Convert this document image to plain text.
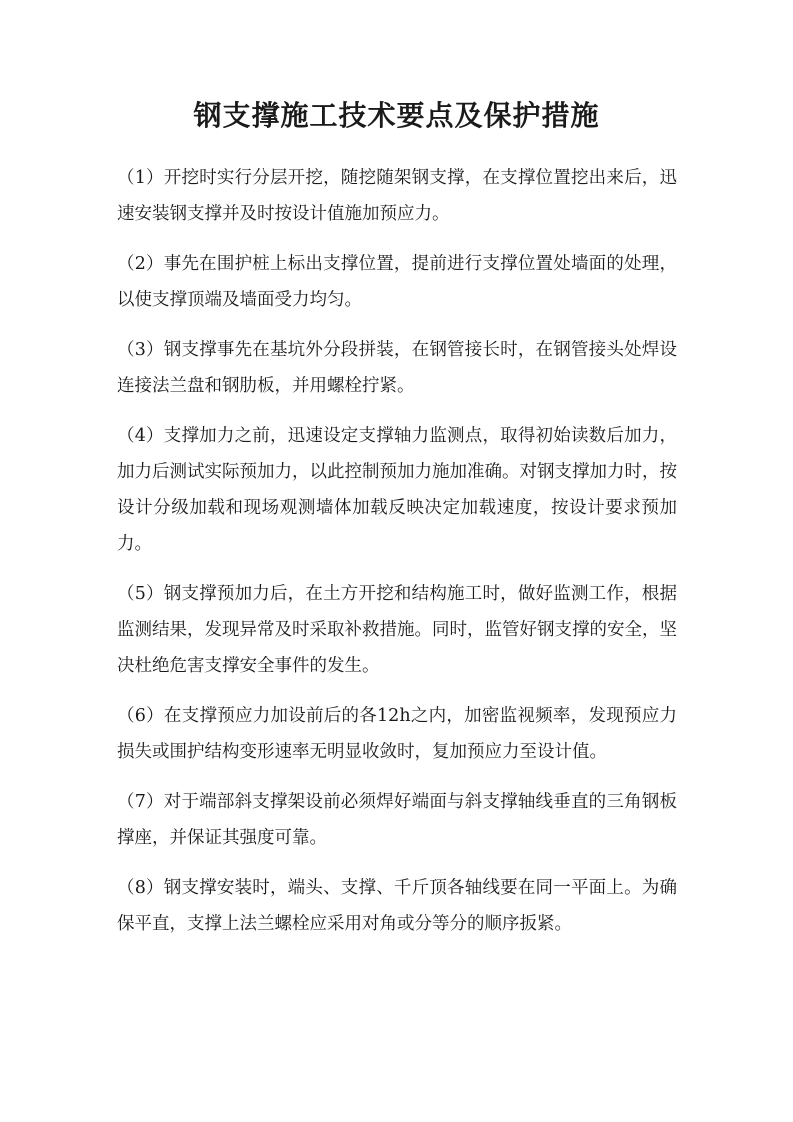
钢支撑施工技术要点及保护措施

（1）开挖时实行分层开挖，随挖随架钢支撑，在支撑位置挖出来后，迅速安装钢支撑并及时按设计值施加预应力。

（2）事先在围护桩上标出支撑位置，提前进行支撑位置处墙面的处理，以使支撑顶端及墙面受力均匀。

（3）钢支撑事先在基坑外分段拼装，在钢管接长时，在钢管接头处焊设连接法兰盘和钢肋板，并用螺栓拧紧。

（4）支撑加力之前，迅速设定支撑轴力监测点，取得初始读数后加力，加力后测试实际预加力，以此控制预加力施加准确。对钢支撑加力时，按设计分级加载和现场观测墙体加载反映决定加载速度，按设计要求预加力。

（5）钢支撑预加力后，在土方开挖和结构施工时，做好监测工作，根据监测结果，发现异常及时采取补救措施。同时，监管好钢支撑的安全，坚决杜绝危害支撑安全事件的发生。

（6）在支撑预应力加设前后的各12h之内，加密监视频率，发现预应力损失或围护结构变形速率无明显收敛时，复加预应力至设计值。

（7）对于端部斜支撑架设前必须焊好端面与斜支撑轴线垂直的三角钢板撑座，并保证其强度可靠。

（8）钢支撑安装时，端头、支撑、千斤顶各轴线要在同一平面上。为确保平直，支撑上法兰螺栓应采用对角或分等分的顺序扳紧。
